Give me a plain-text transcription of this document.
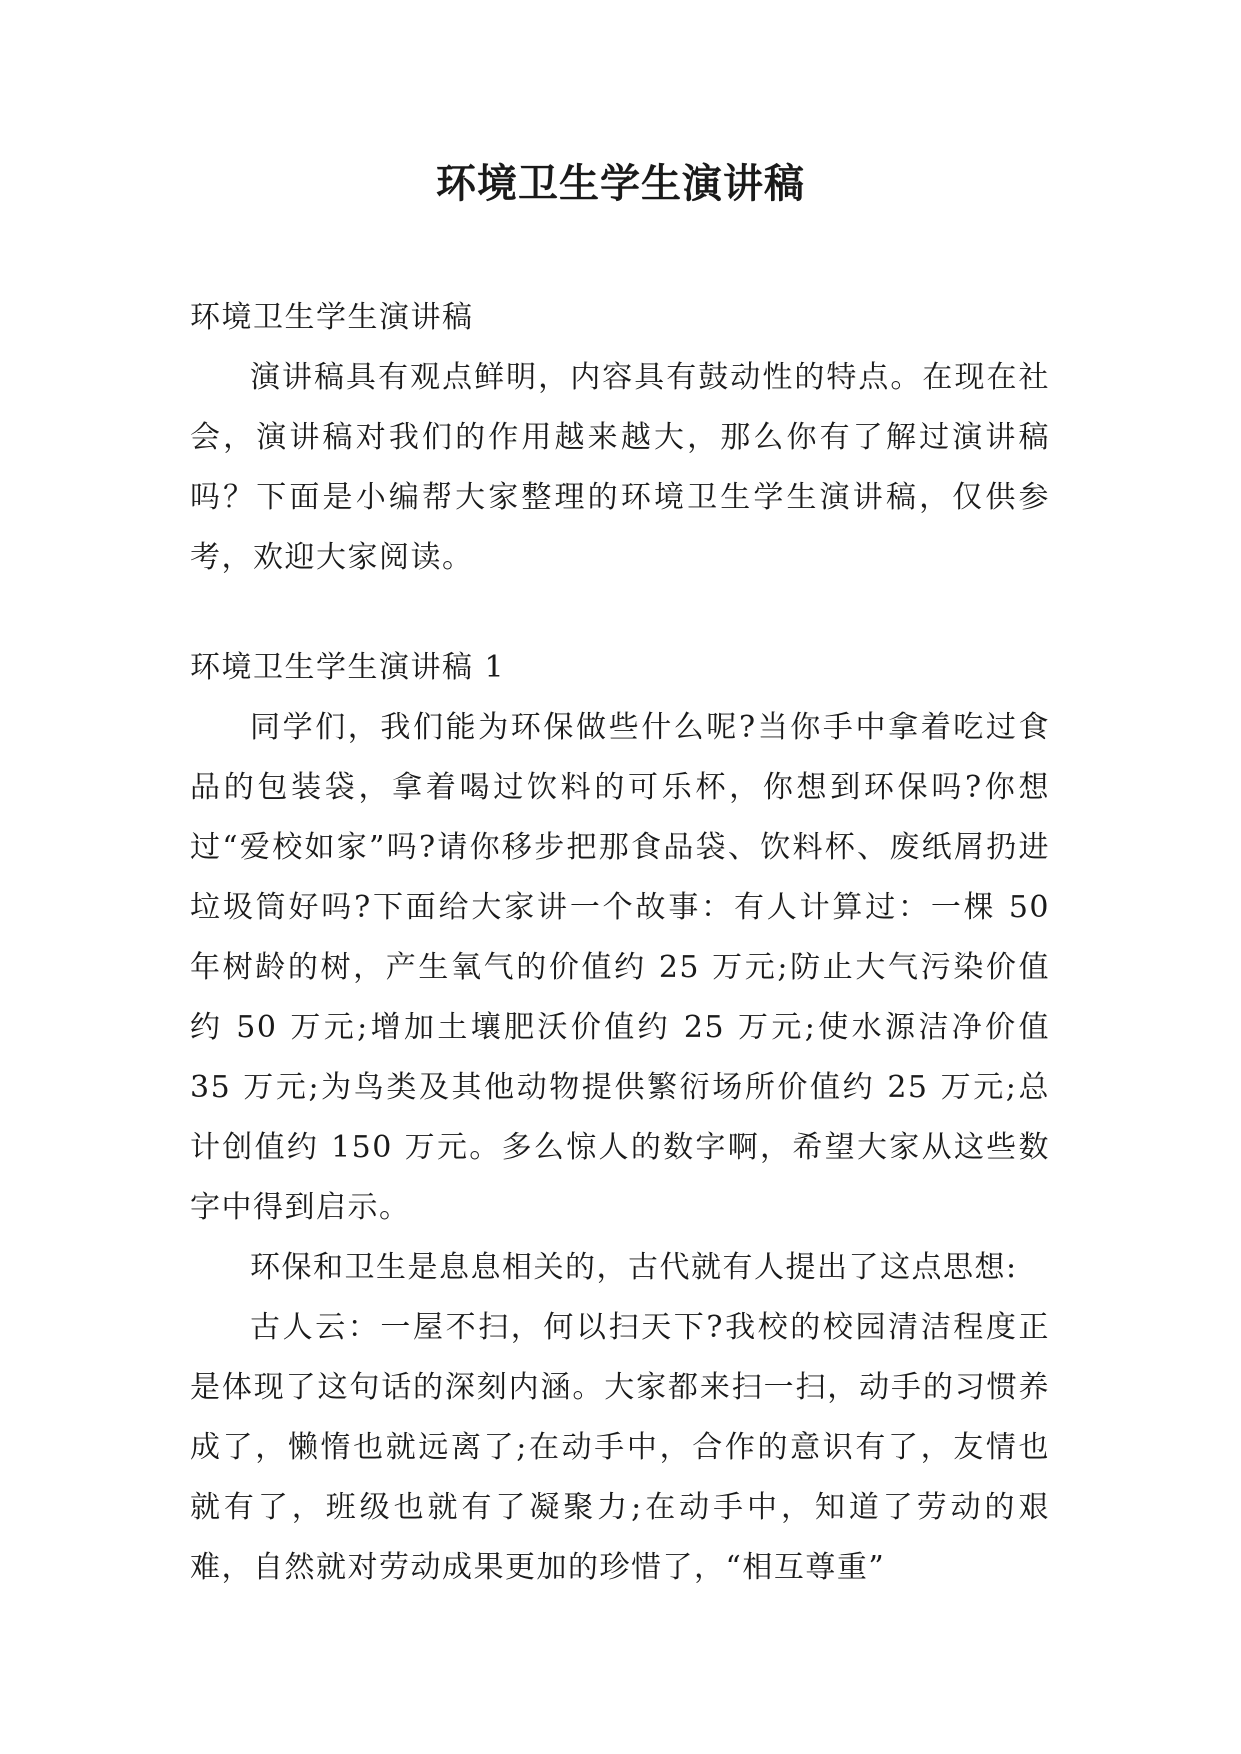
环境卫生学生演讲稿
环境卫生学生演讲稿

演讲稿具有观点鲜明，内容具有鼓动性的特点。在现在社会，演讲稿对我们的作用越来越大，那么你有了解过演讲稿吗？下面是小编帮大家整理的环境卫生学生演讲稿，仅供参考，欢迎大家阅读。

环境卫生学生演讲稿 1

同学们，我们能为环保做些什么呢?当你手中拿着吃过食品的包装袋，拿着喝过饮料的可乐杯，你想到环保吗?你想过“爱校如家”吗?请你移步把那食品袋、饮料杯、废纸屑扔进垃圾筒好吗?下面给大家讲一个故事：有人计算过：一棵 50 年树龄的树，产生氧气的价值约 25 万元;防止大气污染价值约 50 万元;增加土壤肥沃价值约 25 万元;使水源洁净价值 35 万元;为鸟类及其他动物提供繁衍场所价值约 25 万元;总计创值约 150 万元。多么惊人的数字啊，希望大家从这些数字中得到启示。

环保和卫生是息息相关的，古代就有人提出了这点思想:

古人云：一屋不扫，何以扫天下?我校的校园清洁程度正是体现了这句话的深刻内涵。大家都来扫一扫，动手的习惯养成了，懒惰也就远离了;在动手中，合作的意识有了，友情也就有了，班级也就有了凝聚力;在动手中，知道了劳动的艰难，自然就对劳动成果更加的珍惜了，“相互尊重”
